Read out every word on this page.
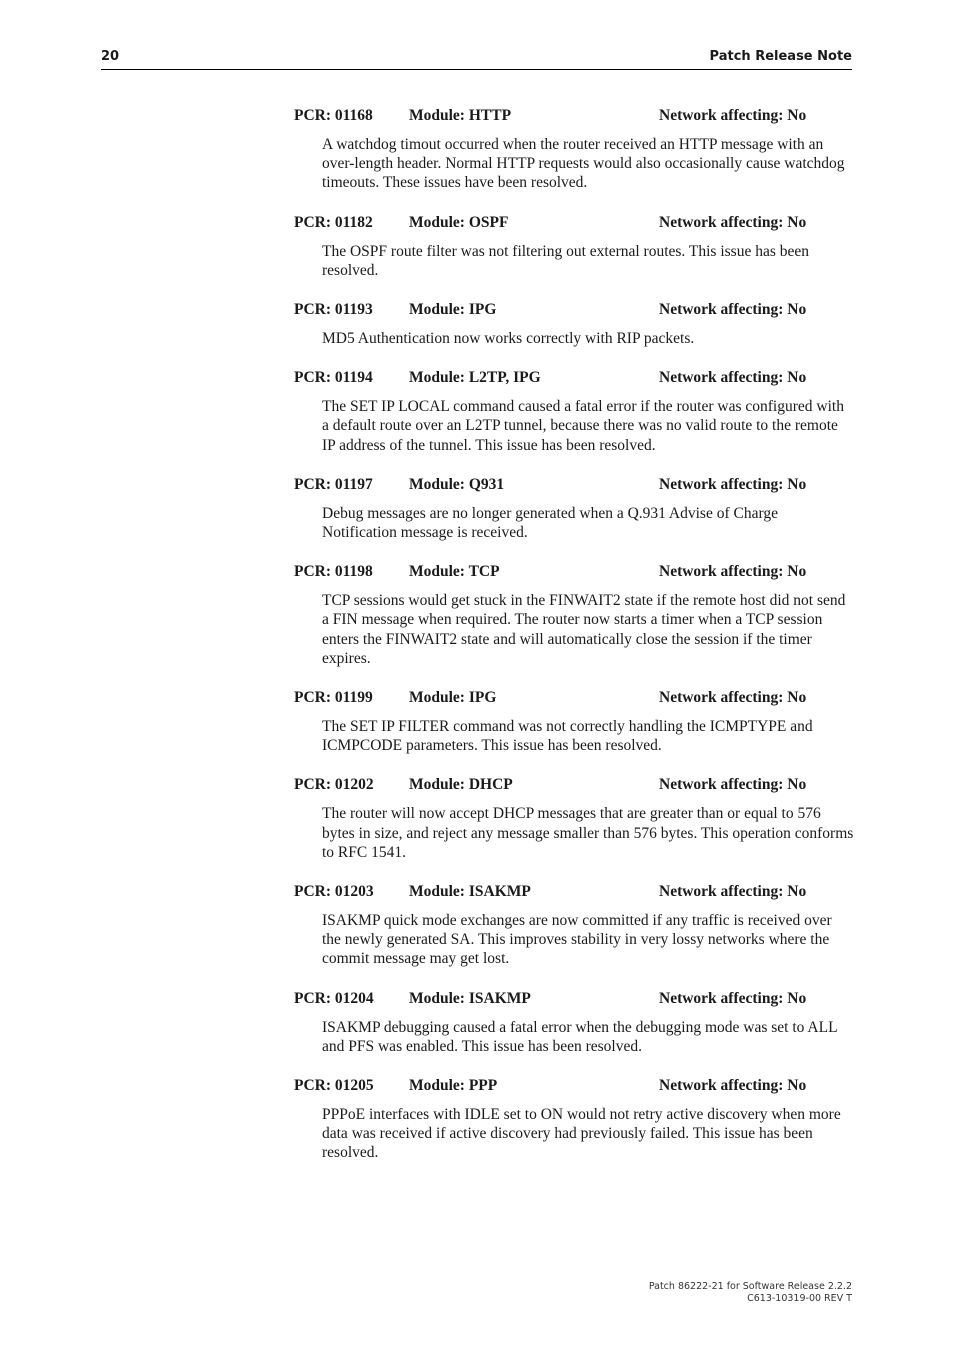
20	Patch Release Note
PCR: 01168 Module: HTTP	Network affecting: No
A watchdog timout occurred when the router received an HTTP message with an over-length header. Normal HTTP requests would also occasionally cause watchdog timeouts. These issues have been resolved.
PCR: 01182 Module: OSPF	Network affecting: No
The OSPF route filter was not filtering out external routes. This issue has been resolved.
PCR: 01193 Module: IPG	Network affecting: No
MD5 Authentication now works correctly with RIP packets.
PCR: 01194 Module: L2TP, IPG	Network affecting: No
The SET IP LOCAL command caused a fatal error if the router was configured with a default route over an L2TP tunnel, because there was no valid route to the remote IP address of the tunnel. This issue has been resolved.
PCR: 01197 Module: Q931	Network affecting: No
Debug messages are no longer generated when a Q.931 Advise of Charge Notification message is received.
PCR: 01198 Module: TCP	Network affecting: No
TCP sessions would get stuck in the FINWAIT2 state if the remote host did not send a FIN message when required. The router now starts a timer when a TCP session enters the FINWAIT2 state and will automatically close the session if the timer expires.
PCR: 01199 Module: IPG	Network affecting: No
The SET IP FILTER command was not correctly handling the ICMPTYPE and ICMPCODE parameters. This issue has been resolved.
PCR: 01202 Module: DHCP	Network affecting: No
The router will now accept DHCP messages that are greater than or equal to 576 bytes in size, and reject any message smaller than 576 bytes. This operation conforms to RFC 1541.
PCR: 01203 Module: ISAKMP	Network affecting: No
ISAKMP quick mode exchanges are now committed if any traffic is received over the newly generated SA. This improves stability in very lossy networks where the commit message may get lost.
PCR: 01204 Module: ISAKMP	Network affecting: No
ISAKMP debugging caused a fatal error when the debugging mode was set to ALL and PFS was enabled. This issue has been resolved.
PCR: 01205 Module: PPP	Network affecting: No
PPPoE interfaces with IDLE set to ON would not retry active discovery when more data was received if active discovery had previously failed. This issue has been resolved.
Patch 86222-21 for Software Release 2.2.2
C613-10319-00 REV T
